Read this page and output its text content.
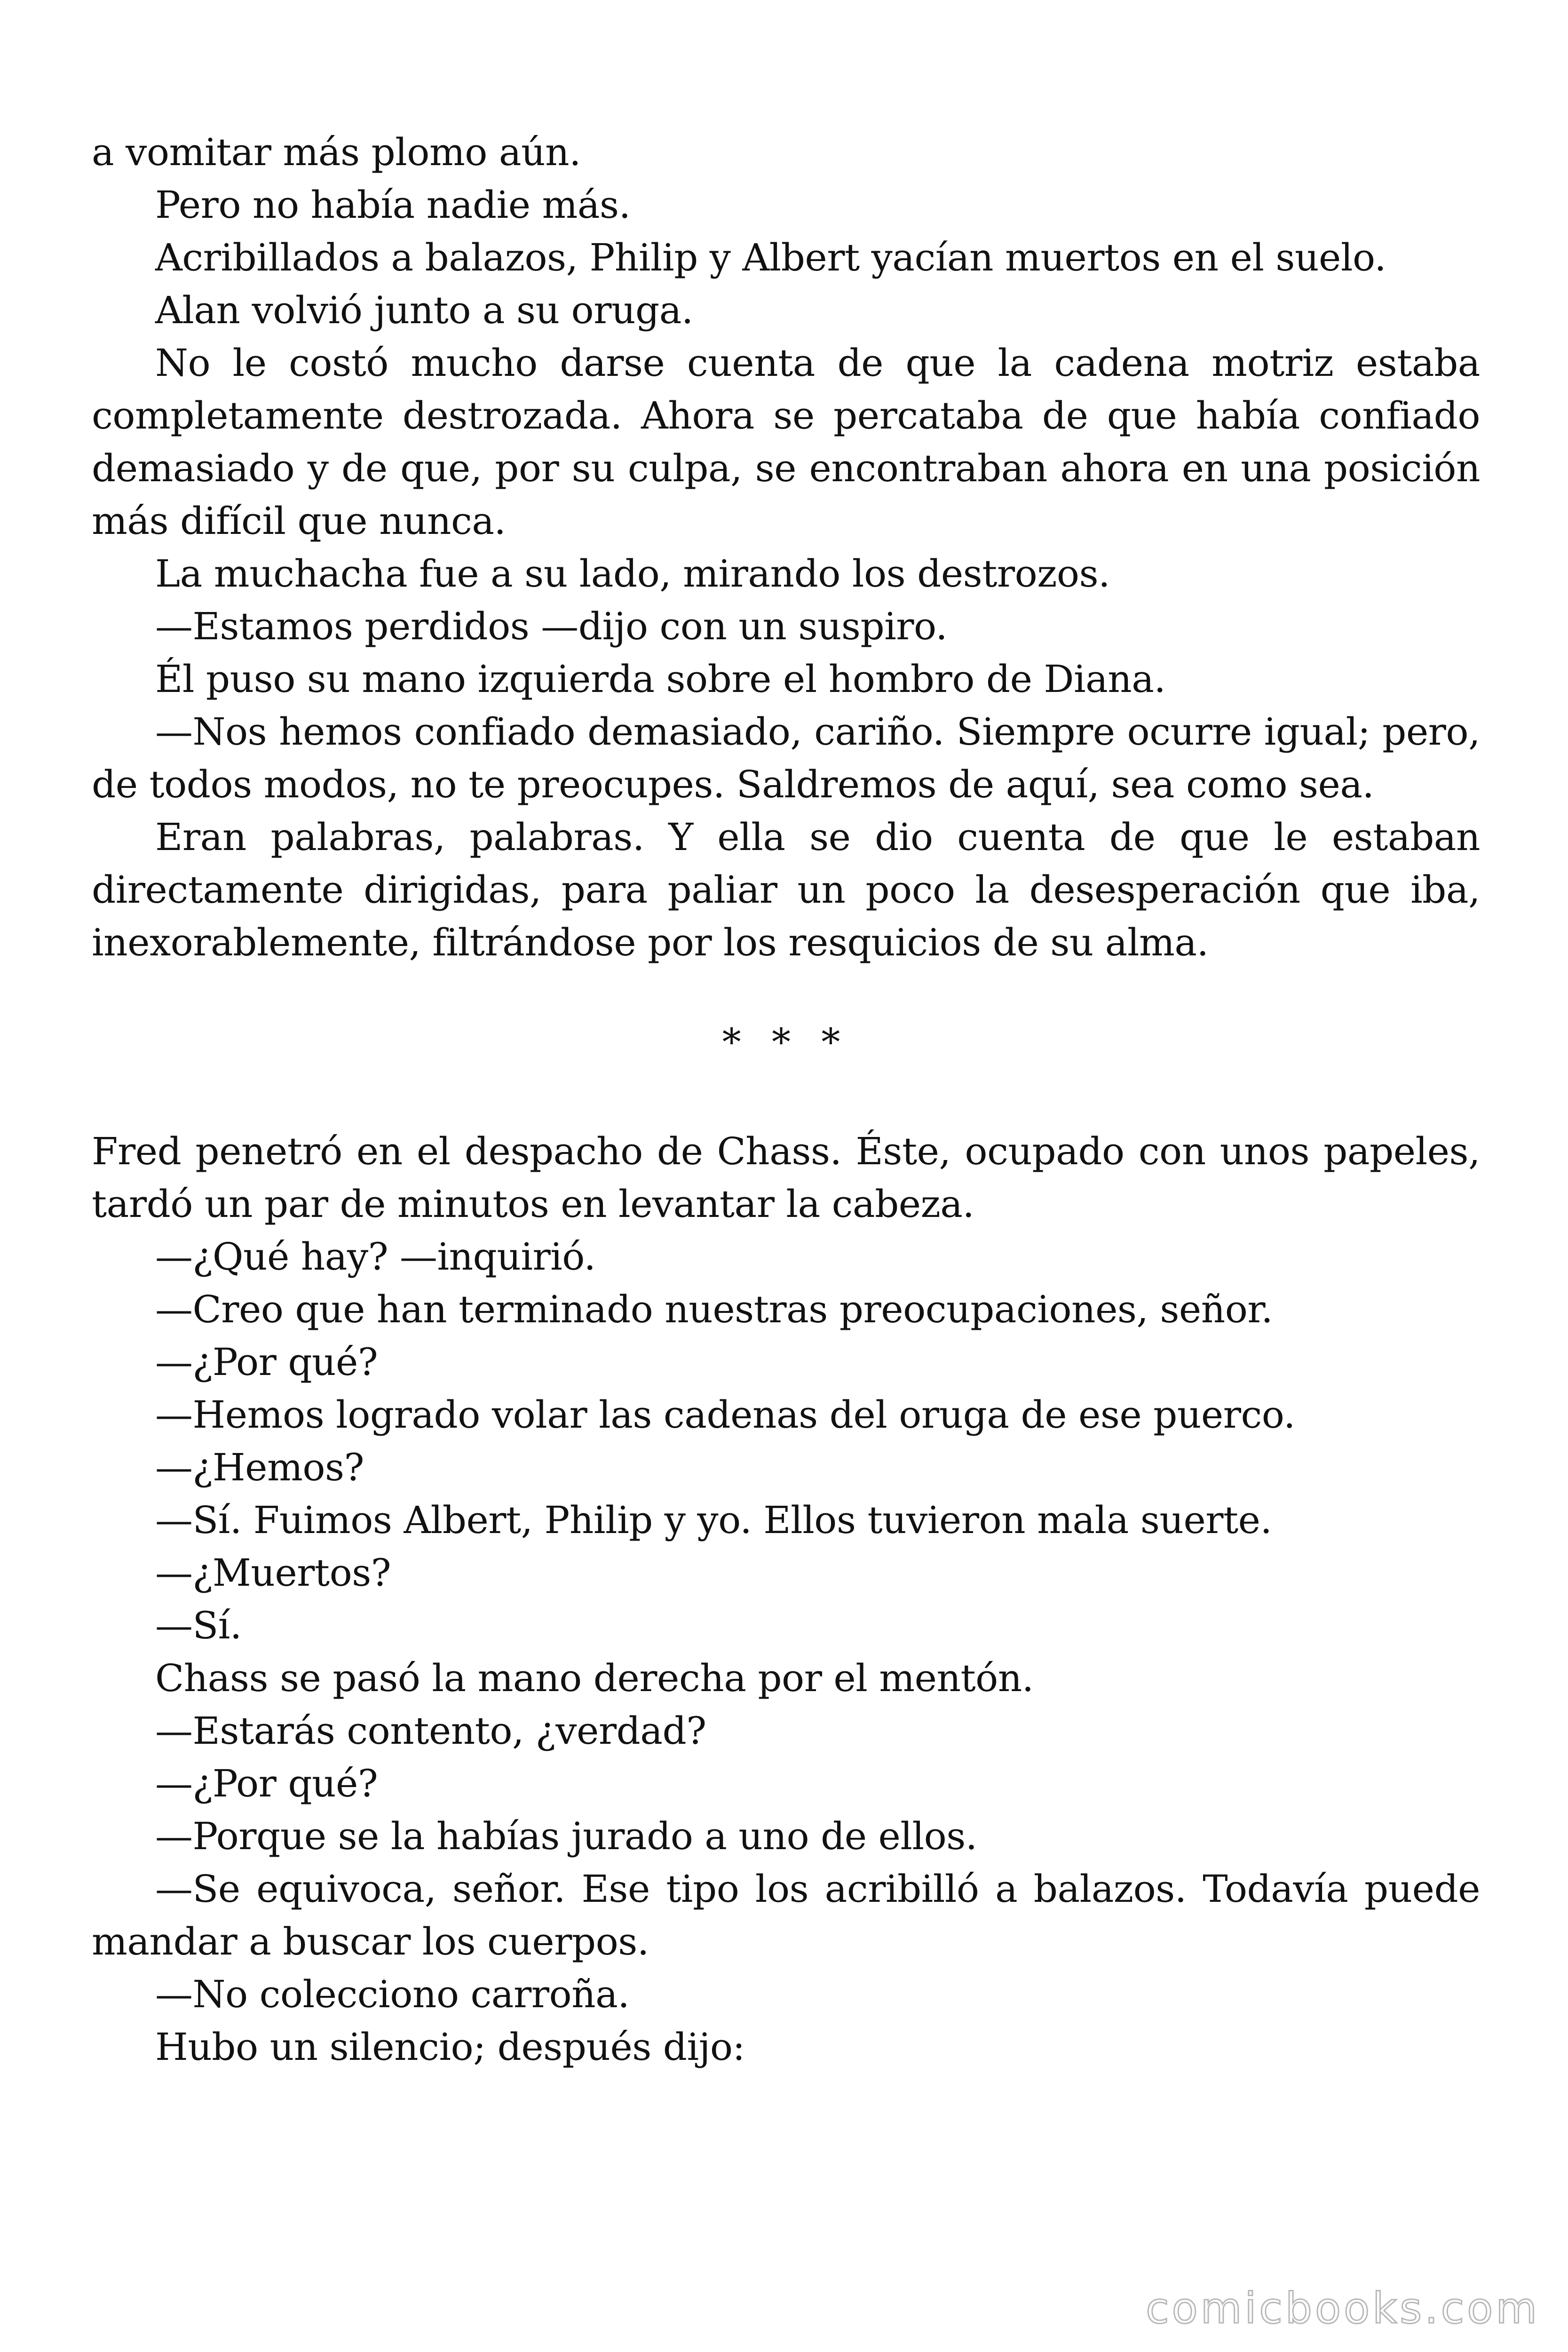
a vomitar más plomo aún.

Pero no había nadie más.

Acribillados a balazos, Philip y Albert yacían muertos en el suelo.

Alan volvió junto a su oruga.

No le costó mucho darse cuenta de que la cadena motriz estaba completamente destrozada. Ahora se percataba de que había confiado demasiado y de que, por su culpa, se encontraban ahora en una posición más difícil que nunca.

La muchacha fue a su lado, mirando los destrozos.

—Estamos perdidos —dijo con un suspiro.

Él puso su mano izquierda sobre el hombro de Diana.

—Nos hemos confiado demasiado, cariño. Siempre ocurre igual; pero, de todos modos, no te preocupes. Saldremos de aquí, sea como sea.

Eran palabras, palabras. Y ella se dio cuenta de que le estaban directamente dirigidas, para paliar un poco la desesperación que iba, inexorablemente, filtrándose por los resquicios de su alma.

* * *

Fred penetró en el despacho de Chass. Éste, ocupado con unos papeles, tardó un par de minutos en levantar la cabeza.

—¿Qué hay? —inquirió.

—Creo que han terminado nuestras preocupaciones, señor.

—¿Por qué?

—Hemos logrado volar las cadenas del oruga de ese puerco.

—¿Hemos?

—Sí. Fuimos Albert, Philip y yo. Ellos tuvieron mala suerte.

—¿Muertos?

—Sí.

Chass se pasó la mano derecha por el mentón.

—Estarás contento, ¿verdad?

—¿Por qué?

—Porque se la habías jurado a uno de ellos.

—Se equivoca, señor. Ese tipo los acribilló a balazos. Todavía puede mandar a buscar los cuerpos.

—No colecciono carroña.

Hubo un silencio; después dijo:

comicbooks.com
